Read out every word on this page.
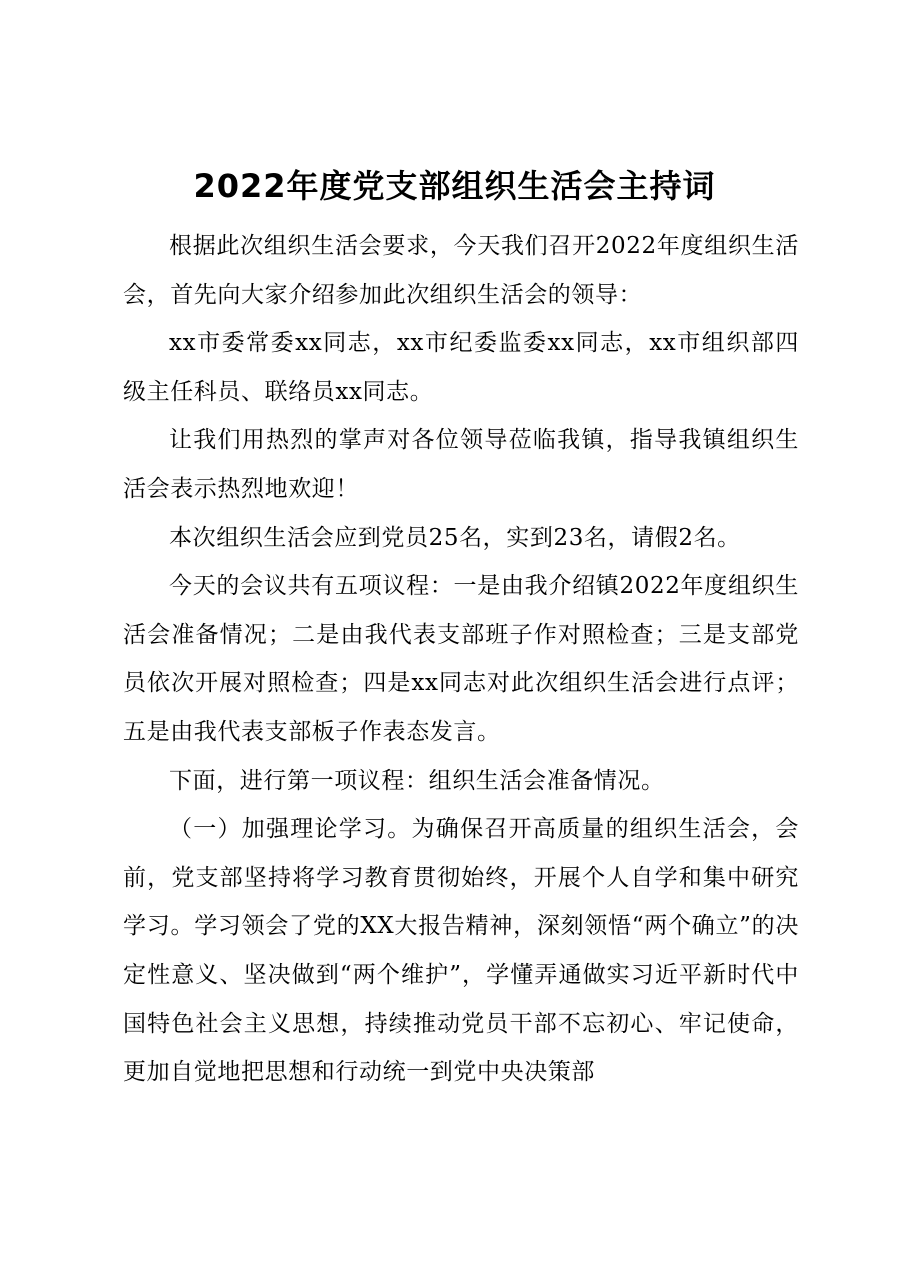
2022年度党支部组织生活会主持词

根据此次组织生活会要求，今天我们召开2022年度组织生活会，首先向大家介绍参加此次组织生活会的领导：

xx市委常委xx同志，xx市纪委监委xx同志，xx市组织部四级主任科员、联络员xx同志。

让我们用热烈的掌声对各位领导莅临我镇，指导我镇组织生活会表示热烈地欢迎！

本次组织生活会应到党员25名，实到23名，请假2名。

今天的会议共有五项议程：一是由我介绍镇2022年度组织生活会准备情况；二是由我代表支部班子作对照检查；三是支部党员依次开展对照检查；四是xx同志对此次组织生活会进行点评；五是由我代表支部板子作表态发言。

下面，进行第一项议程：组织生活会准备情况。

（一）加强理论学习。为确保召开高质量的组织生活会，会前，党支部坚持将学习教育贯彻始终，开展个人自学和集中研究学习。学习领会了党的XX大报告精神，深刻领悟“两个确立”的决定性意义、坚决做到“两个维护”，学懂弄通做实习近平新时代中国特色社会主义思想，持续推动党员干部不忘初心、牢记使命，更加自觉地把思想和行动统一到党中央决策部
